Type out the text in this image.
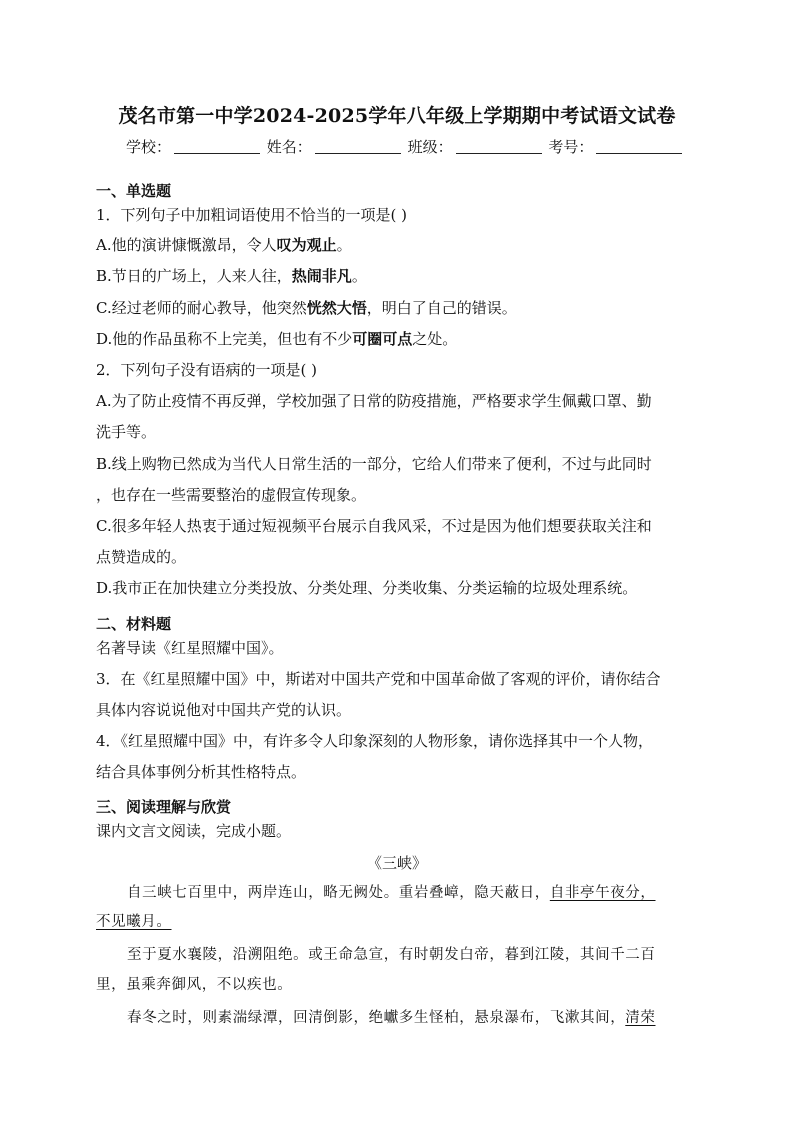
茂名市第一中学2024-2025学年八年级上学期期中考试语文试卷
学校：	姓名：	班级：	考号：
一、单选题
1．下列句子中加粗词语使用不恰当的一项是( )
A.他的演讲慷慨激昂，令人叹为观止。
B.节日的广场上，人来人往，热闹非凡。
C.经过老师的耐心教导，他突然恍然大悟，明白了自己的错误。
D.他的作品虽称不上完美，但也有不少可圈可点之处。
2．下列句子没有语病的一项是( )
A.为了防止疫情不再反弹，学校加强了日常的防疫措施，严格要求学生佩戴口罩、勤
洗手等。
B.线上购物已然成为当代人日常生活的一部分，它给人们带来了便利，不过与此同时
，也存在一些需要整治的虚假宣传现象。
C.很多年轻人热衷于通过短视频平台展示自我风采，不过是因为他们想要获取关注和
点赞造成的。
D.我市正在加快建立分类投放、分类处理、分类收集、分类运输的垃圾处理系统。
二、材料题
名著导读《红星照耀中国》。
3．在《红星照耀中国》中，斯诺对中国共产党和中国革命做了客观的评价，请你结合
具体内容说说他对中国共产党的认识。
4．《红星照耀中国》中，有许多令人印象深刻的人物形象，请你选择其中一个人物，
结合具体事例分析其性格特点。
三、阅读理解与欣赏
课内文言文阅读，完成小题。
《三峡》
自三峡七百里中，两岸连山，略无阙处。重岩叠嶂，隐天蔽日，自非亭午夜分，
不见曦月。
至于夏水襄陵，沿溯阻绝。或王命急宣，有时朝发白帝，暮到江陵，其间千二百
里，虽乘奔御风，不以疾也。
春冬之时，则素湍绿潭，回清倒影，绝巘多生怪柏，悬泉瀑布，飞漱其间，清荣
